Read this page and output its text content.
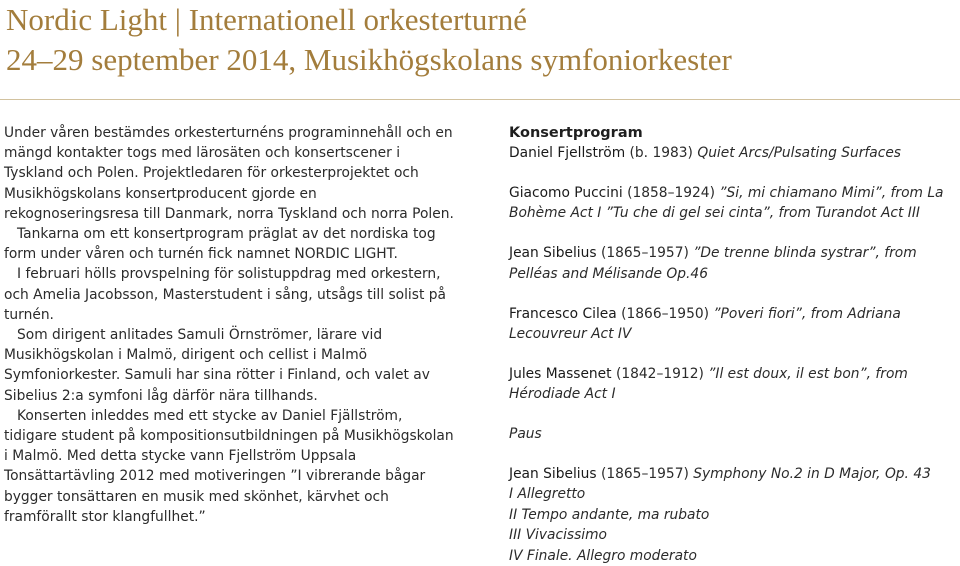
Nordic Light | Internationell orkesterturné
24–29 september 2014, Musikhögskolans symfoniorkester

Under våren bestämdes orkesterturnéns programinnehåll och en mängd kontakter togs med lärosäten och konsertscener i Tyskland och Polen. Projektledaren för orkesterprojektet och Musikhögskolans konsertproducent gjorde en rekognoseringsresa till Danmark, norra Tyskland och norra Polen.

Tankarna om ett konsertprogram präglat av det nordiska tog form under våren och turnén fick namnet NORDIC LIGHT.

I februari hölls provspelning för solistuppdrag med orkestern, och Amelia Jacobsson, Masterstudent i sång, utsågs till solist på turnén.

Som dirigent anlitades Samuli Örnströmer, lärare vid Musikhögskolan i Malmö, dirigent och cellist i Malmö Symfoniorkester. Samuli har sina rötter i Finland, och valet av Sibelius 2:a symfoni låg därför nära tillhands.

Konserten inleddes med ett stycke av Daniel Fjällström, tidigare student på kompositionsutbildningen på Musikhögskolan i Malmö. Med detta stycke vann Fjellström Uppsala Tonsättartävling 2012 med motiveringen ”I vibrerande bågar bygger tonsättaren en musik med skönhet, kärvhet och framförallt stor klangfullhet.”

Konsertprogram
Daniel Fjellström (b. 1983) Quiet Arcs/Pulsating Surfaces
Giacomo Puccini (1858–1924) ”Si, mi chiamano Mimi”, from La Bohème Act I ”Tu che di gel sei cinta”, from Turandot Act III
Jean Sibelius (1865–1957) ”De trenne blinda systrar”, from Pelléas and Mélisande Op.46
Francesco Cilea (1866–1950) ”Poveri fiori”, from Adriana Lecouvreur Act IV
Jules Massenet (1842–1912) ”Il est doux, il est bon”, from Hérodiade Act I
Paus
Jean Sibelius (1865–1957) Symphony No.2 in D Major, Op. 43
I Allegretto
II Tempo andante, ma rubato
III Vivacissimo
IV Finale. Allegro moderato
